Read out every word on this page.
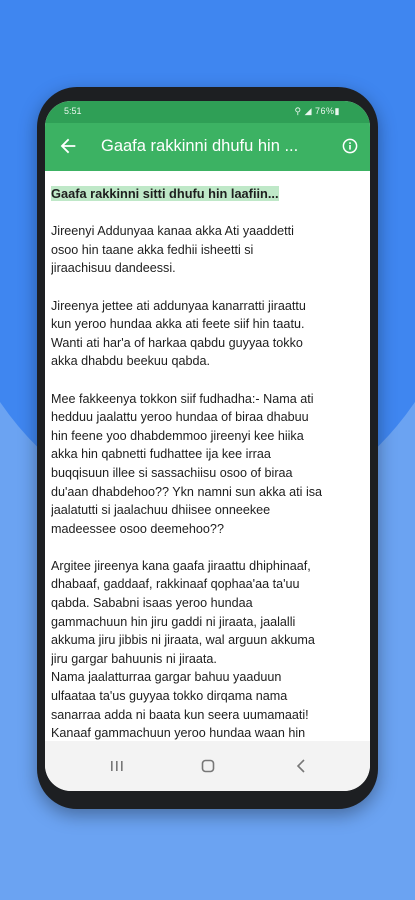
5:51	⚲ ◢ 76%▮
Gaafa rakkinni dhufu hin ...
Gaafa rakkinni sitti dhufu hin laafiin...

Jireenyi Addunyaa kanaa akka Ati yaaddetti
osoo hin taane akka fedhii isheetti si
jiraachisuu dandeessi.

Jireenya jettee ati addunyaa kanarratti jiraattu
kun yeroo hundaa akka ati feete siif hin taatu.
Wanti ati har'a of harkaa qabdu guyyaa tokko
akka dhabdu beekuu qabda.

Mee fakkeenya tokkon siif fudhadha:- Nama ati
hedduu jaalattu yeroo hundaa of biraa dhabuu
hin feene yoo dhabdemmoo jireenyi kee hiika
akka hin qabnetti fudhattee ija kee irraa
buqqisuun illee si sassachiisu osoo of biraa
du'aan dhabdehoo?? Ykn namni sun akka ati isa
jaalatutti si jaalachuu dhiisee onneekee
madeessee osoo deemehoo??

Argitee jireenya kana gaafa jiraattu dhiphinaaf,
dhabaaf, gaddaaf, rakkinaaf qophaa'aa ta'uu
qabda. Sababni isaas yeroo hundaa
gammachuun hin jiru gaddi ni jiraata, jaalalli
akkuma jiru jibbis ni jiraata, wal arguun akkuma
jiru gargar bahuunis ni jiraata.
Nama jaalatturraa gargar bahuu yaaduun
ulfaataa ta'us guyyaa tokko dirqama nama
sanarraa adda ni baata kun seera uumamaati!
Kanaaf gammachuun yeroo hundaa waan hin
